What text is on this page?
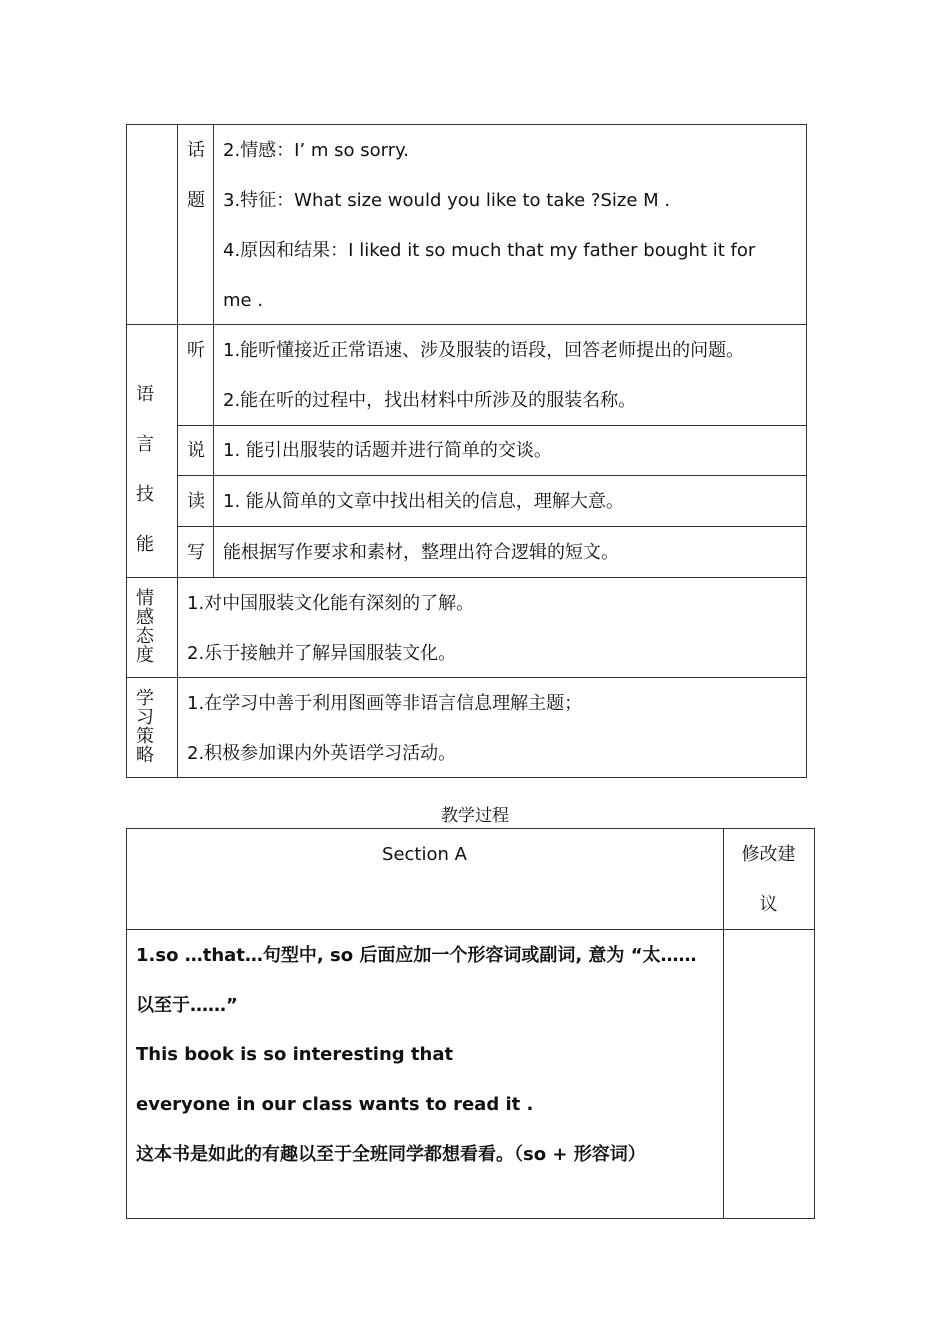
话
题
2.情感：I’ m so sorry.
3.特征：What size would you like to take ?Size M .
4.原因和结果：I liked it so much that my father bought it for
me .
语
言
技
能
听 1.能听懂接近正常语速、涉及服装的语段，回答老师提出的问题。
2.能在听的过程中，找出材料中所涉及的服装名称。
说 1. 能引出服装的话题并进行简单的交谈。
读 1. 能从简单的文章中找出相关的信息，理解大意。
写 能根据写作要求和素材，整理出符合逻辑的短文。
情
感
态
度
1.对中国服装文化能有深刻的了解。
2.乐于接触并了解异国服装文化。
学
习
策
略
1.在学习中善于利用图画等非语言信息理解主题；
2.积极参加课内外英语学习活动。
教学过程
Section A	修改建
议
1.so …that…句型中, so 后面应加一个形容词或副词, 意为 “太……
以至于……”
This book is so interesting that
everyone in our class wants to read it .
这本书是如此的有趣以至于全班同学都想看看。（so + 形容词）
